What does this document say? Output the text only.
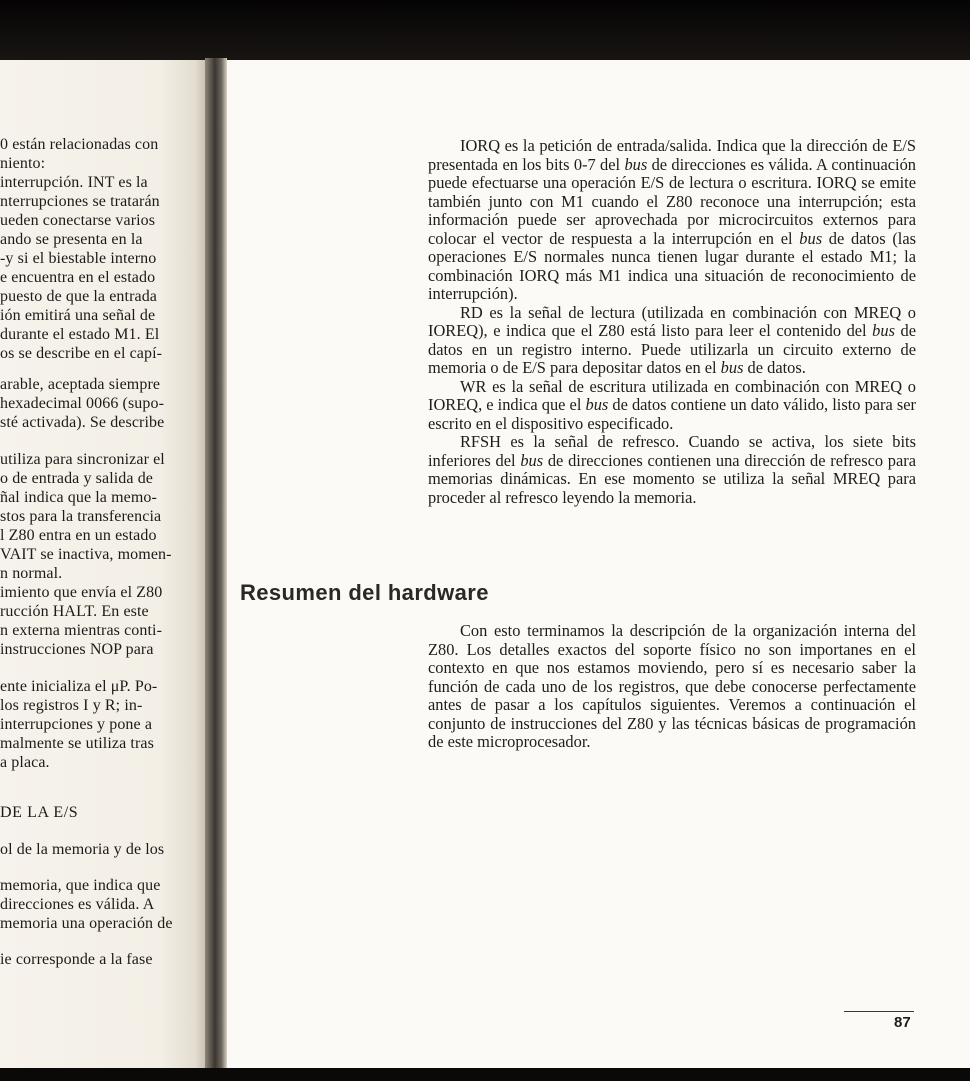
0 están relacionadas con
niento:
interrupción. INT es la
nterrupciones se tratarán
ueden conectarse varios
ando se presenta en la
-y si el biestable interno
e encuentra en el estado
puesto de que la entrada
ión emitirá una señal de
durante el estado M1. El
os se describe en el capí-
arable, aceptada siempre
hexadecimal 0066 (supo-
sté activada). Se describe
utiliza para sincronizar el
o de entrada y salida de
ñal indica que la memo-
stos para la transferencia
l Z80 entra en un estado
VAIT se inactiva, momen-
n normal.
imiento que envía el Z80
rucción HALT. En este
n externa mientras conti-
instrucciones NOP para
ente inicializa el μP. Po-
los registros I y R; in-
interrupciones y pone a
malmente se utiliza tras
a placa.
DE LA E/S
ol de la memoria y de los
memoria, que indica que
direcciones es válida. A
memoria una operación de
ie corresponde a la fase

IORQ es la petición de entrada/salida. Indica que la dirección de E/S presentada en los bits 0-7 del bus de direcciones es válida. A continuación puede efectuarse una operación E/S de lectura o escritura. IORQ se emite también junto con M1 cuando el Z80 reconoce una interrupción; esta información puede ser aprovechada por microcircuitos externos para colocar el vector de respuesta a la interrupción en el bus de datos (las operaciones E/S normales nunca tienen lugar durante el estado M1; la combinación IORQ más M1 indica una situación de reconocimiento de interrupción).

RD es la señal de lectura (utilizada en combinación con MREQ o IOREQ), e indica que el Z80 está listo para leer el contenido del bus de datos en un registro interno. Puede utilizarla un circuito externo de memoria o de E/S para depositar datos en el bus de datos.

WR es la señal de escritura utilizada en combinación con MREQ o IOREQ, e indica que el bus de datos contiene un dato válido, listo para ser escrito en el dispositivo especificado.

RFSH es la señal de refresco. Cuando se activa, los siete bits inferiores del bus de direcciones contienen una dirección de refresco para memorias dinámicas. En ese momento se utiliza la señal MREQ para proceder al refresco leyendo la memoria.

Resumen del hardware

Con esto terminamos la descripción de la organización interna del Z80. Los detalles exactos del soporte físico no son importanes en el contexto en que nos estamos moviendo, pero sí es necesario saber la función de cada uno de los registros, que debe conocerse perfectamente antes de pasar a los capítulos siguientes. Veremos a continuación el conjunto de instrucciones del Z80 y las técnicas básicas de programación de este microprocesador.

87
